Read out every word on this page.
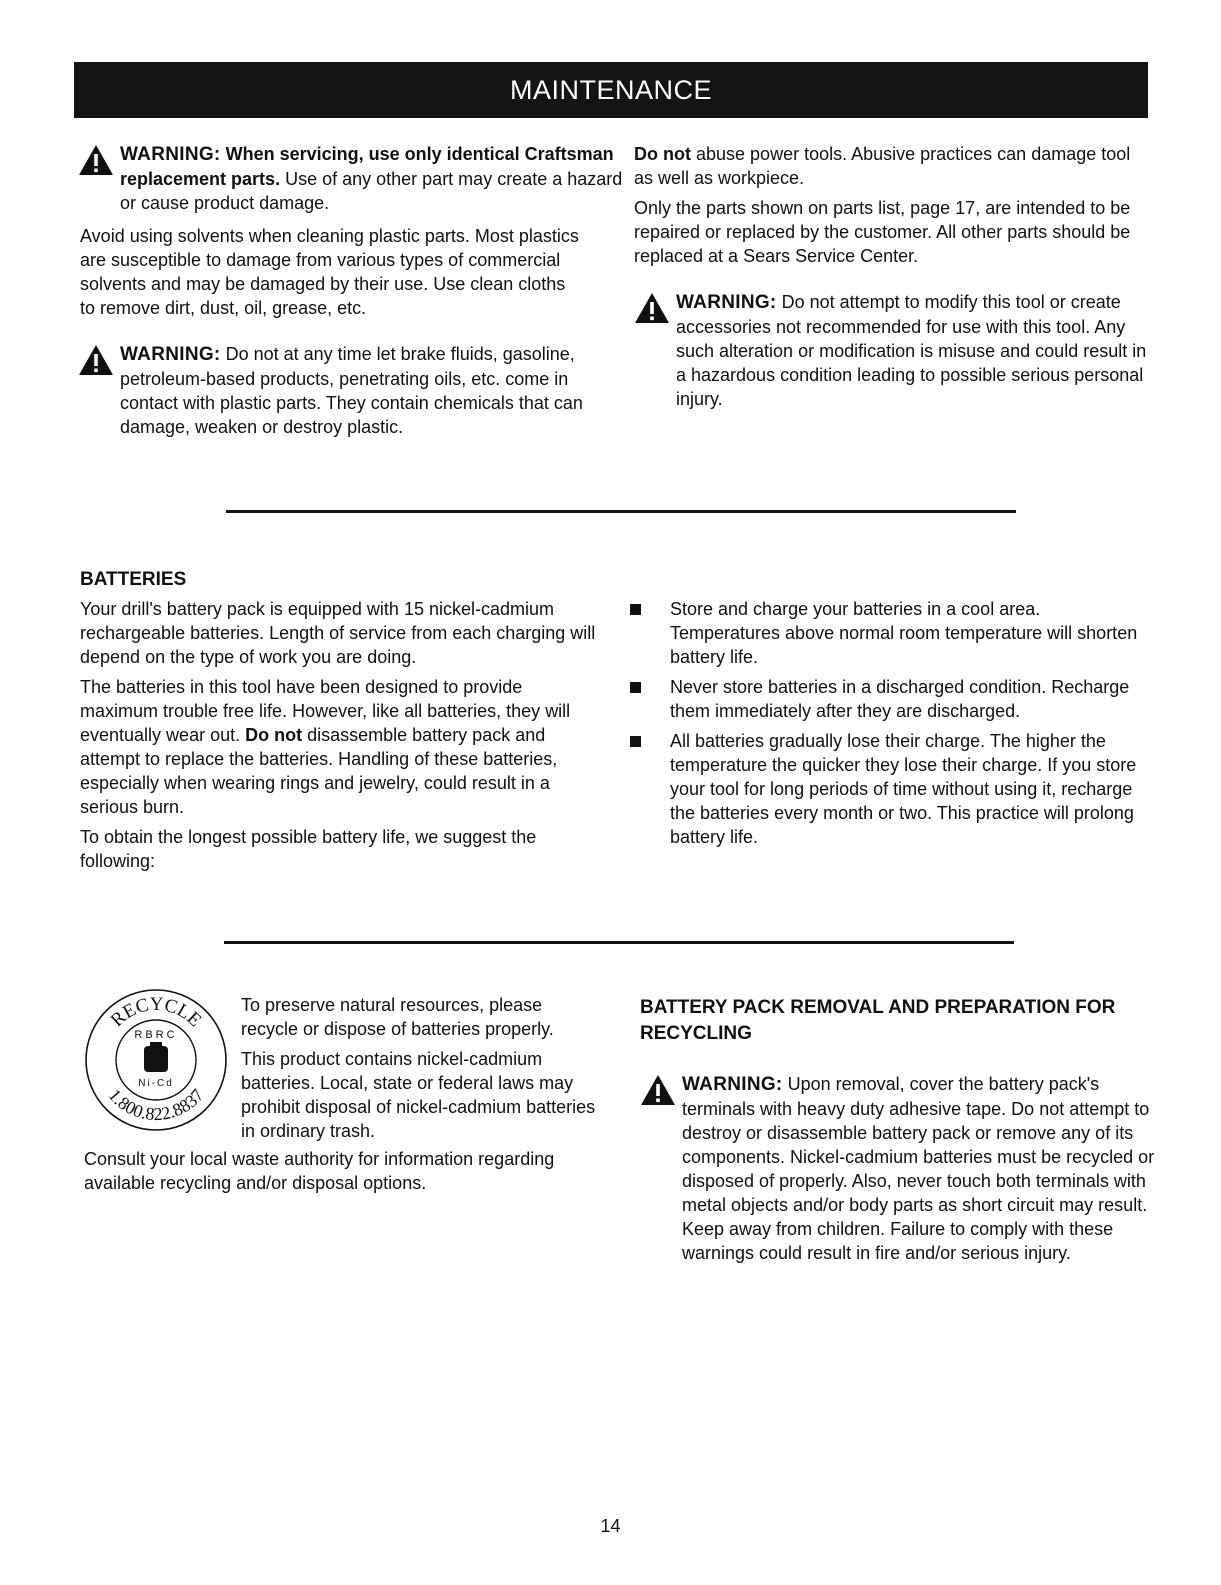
MAINTENANCE
WARNING: When servicing, use only identical Craftsman replacement parts. Use of any other part may create a hazard or cause product damage.

Avoid using solvents when cleaning plastic parts. Most plastics are susceptible to damage from various types of commercial solvents and may be damaged by their use. Use clean cloths to remove dirt, dust, oil, grease, etc.

WARNING: Do not at any time let brake fluids, gasoline, petroleum-based products, penetrating oils, etc. come in contact with plastic parts. They contain chemicals that can damage, weaken or destroy plastic.

Do not abuse power tools. Abusive practices can damage tool as well as workpiece.

Only the parts shown on parts list, page 17, are intended to be repaired or replaced by the customer. All other parts should be replaced at a Sears Service Center.

WARNING: Do not attempt to modify this tool or create accessories not recommended for use with this tool. Any such alteration or modification is misuse and could result in a hazardous condition leading to possible serious personal injury.
BATTERIES

Your drill's battery pack is equipped with 15 nickel-cadmium rechargeable batteries. Length of service from each charging will depend on the type of work you are doing.

The batteries in this tool have been designed to provide maximum trouble free life. However, like all batteries, they will eventually wear out. Do not disassemble battery pack and attempt to replace the batteries. Handling of these batteries, especially when wearing rings and jewelry, could result in a serious burn.

To obtain the longest possible battery life, we suggest the following:

Store and charge your batteries in a cool area. Temperatures above normal room temperature will shorten battery life.
Never store batteries in a discharged condition. Recharge them immediately after they are discharged.
All batteries gradually lose their charge. The higher the temperature the quicker they lose their charge. If you store your tool for long periods of time without using it, recharge the batteries every month or two. This practice will prolong battery life.
RECYCLE
RBRC
Ni-Cd
1.800.822.8837

To preserve natural resources, please recycle or dispose of batteries properly.

This product contains nickel-cadmium batteries. Local, state or federal laws may prohibit disposal of nickel-cadmium batteries in ordinary trash.

Consult your local waste authority for information regarding available recycling and/or disposal options.

BATTERY PACK REMOVAL AND PREPARATION FOR RECYCLING
WARNING: Upon removal, cover the battery pack's terminals with heavy duty adhesive tape. Do not attempt to destroy or disassemble battery pack or remove any of its components. Nickel-cadmium batteries must be recycled or disposed of properly. Also, never touch both terminals with metal objects and/or body parts as short circuit may result. Keep away from children. Failure to comply with these warnings could result in fire and/or serious injury.
14
